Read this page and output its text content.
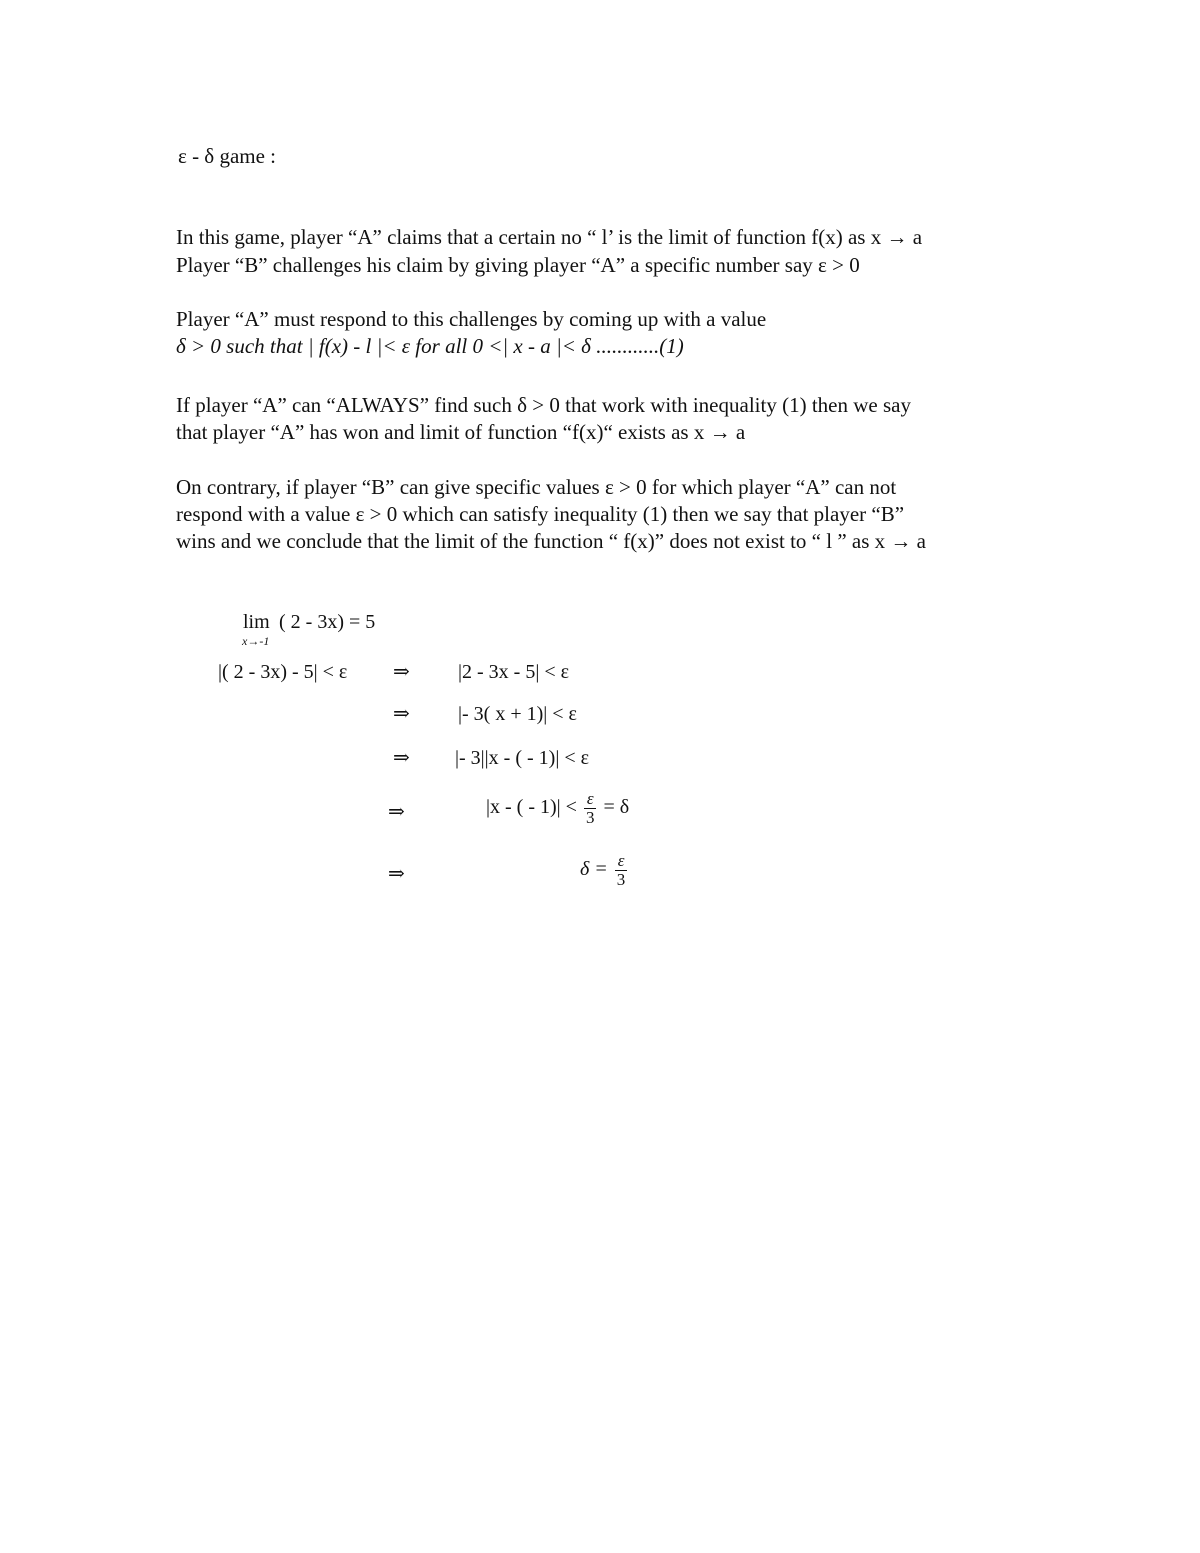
ε - δ game :
In this game, player “A” claims that a certain no “ l’ is the limit of function f(x) as x → a
Player “B” challenges his claim by giving player “A” a specific number say ε > 0
Player “A” must respond to this challenges by coming up with a value
δ > 0 such that | f(x) - l |< ε for all 0 <| x - a |< δ ............(1)
If player “A” can “ALWAYS” find such δ > 0 that work with inequality (1) then we say
that player “A” has won and limit of function “f(x)“ exists as x → a
On contrary, if player “B” can give specific values ε > 0 for which player “A” can not
respond with a value ε > 0 which can satisfy inequality (1) then we say that player “B”
wins and we conclude that the limit of the function “ f(x)” does not exist to “ l ” as x → a
lim
x→-1
( 2 - 3x) = 5
|( 2 - 3x) - 5| < ε ⇒ |2 - 3x - 5| < ε
⇒ |- 3( x + 1)| < ε
⇒ |- 3||x - ( - 1)| < ε
⇒	|x - ( - $1)| < \frac{\varepsilon}{3} = \delta$
⇒	$\delta = \frac{\varepsilon}{3}$
